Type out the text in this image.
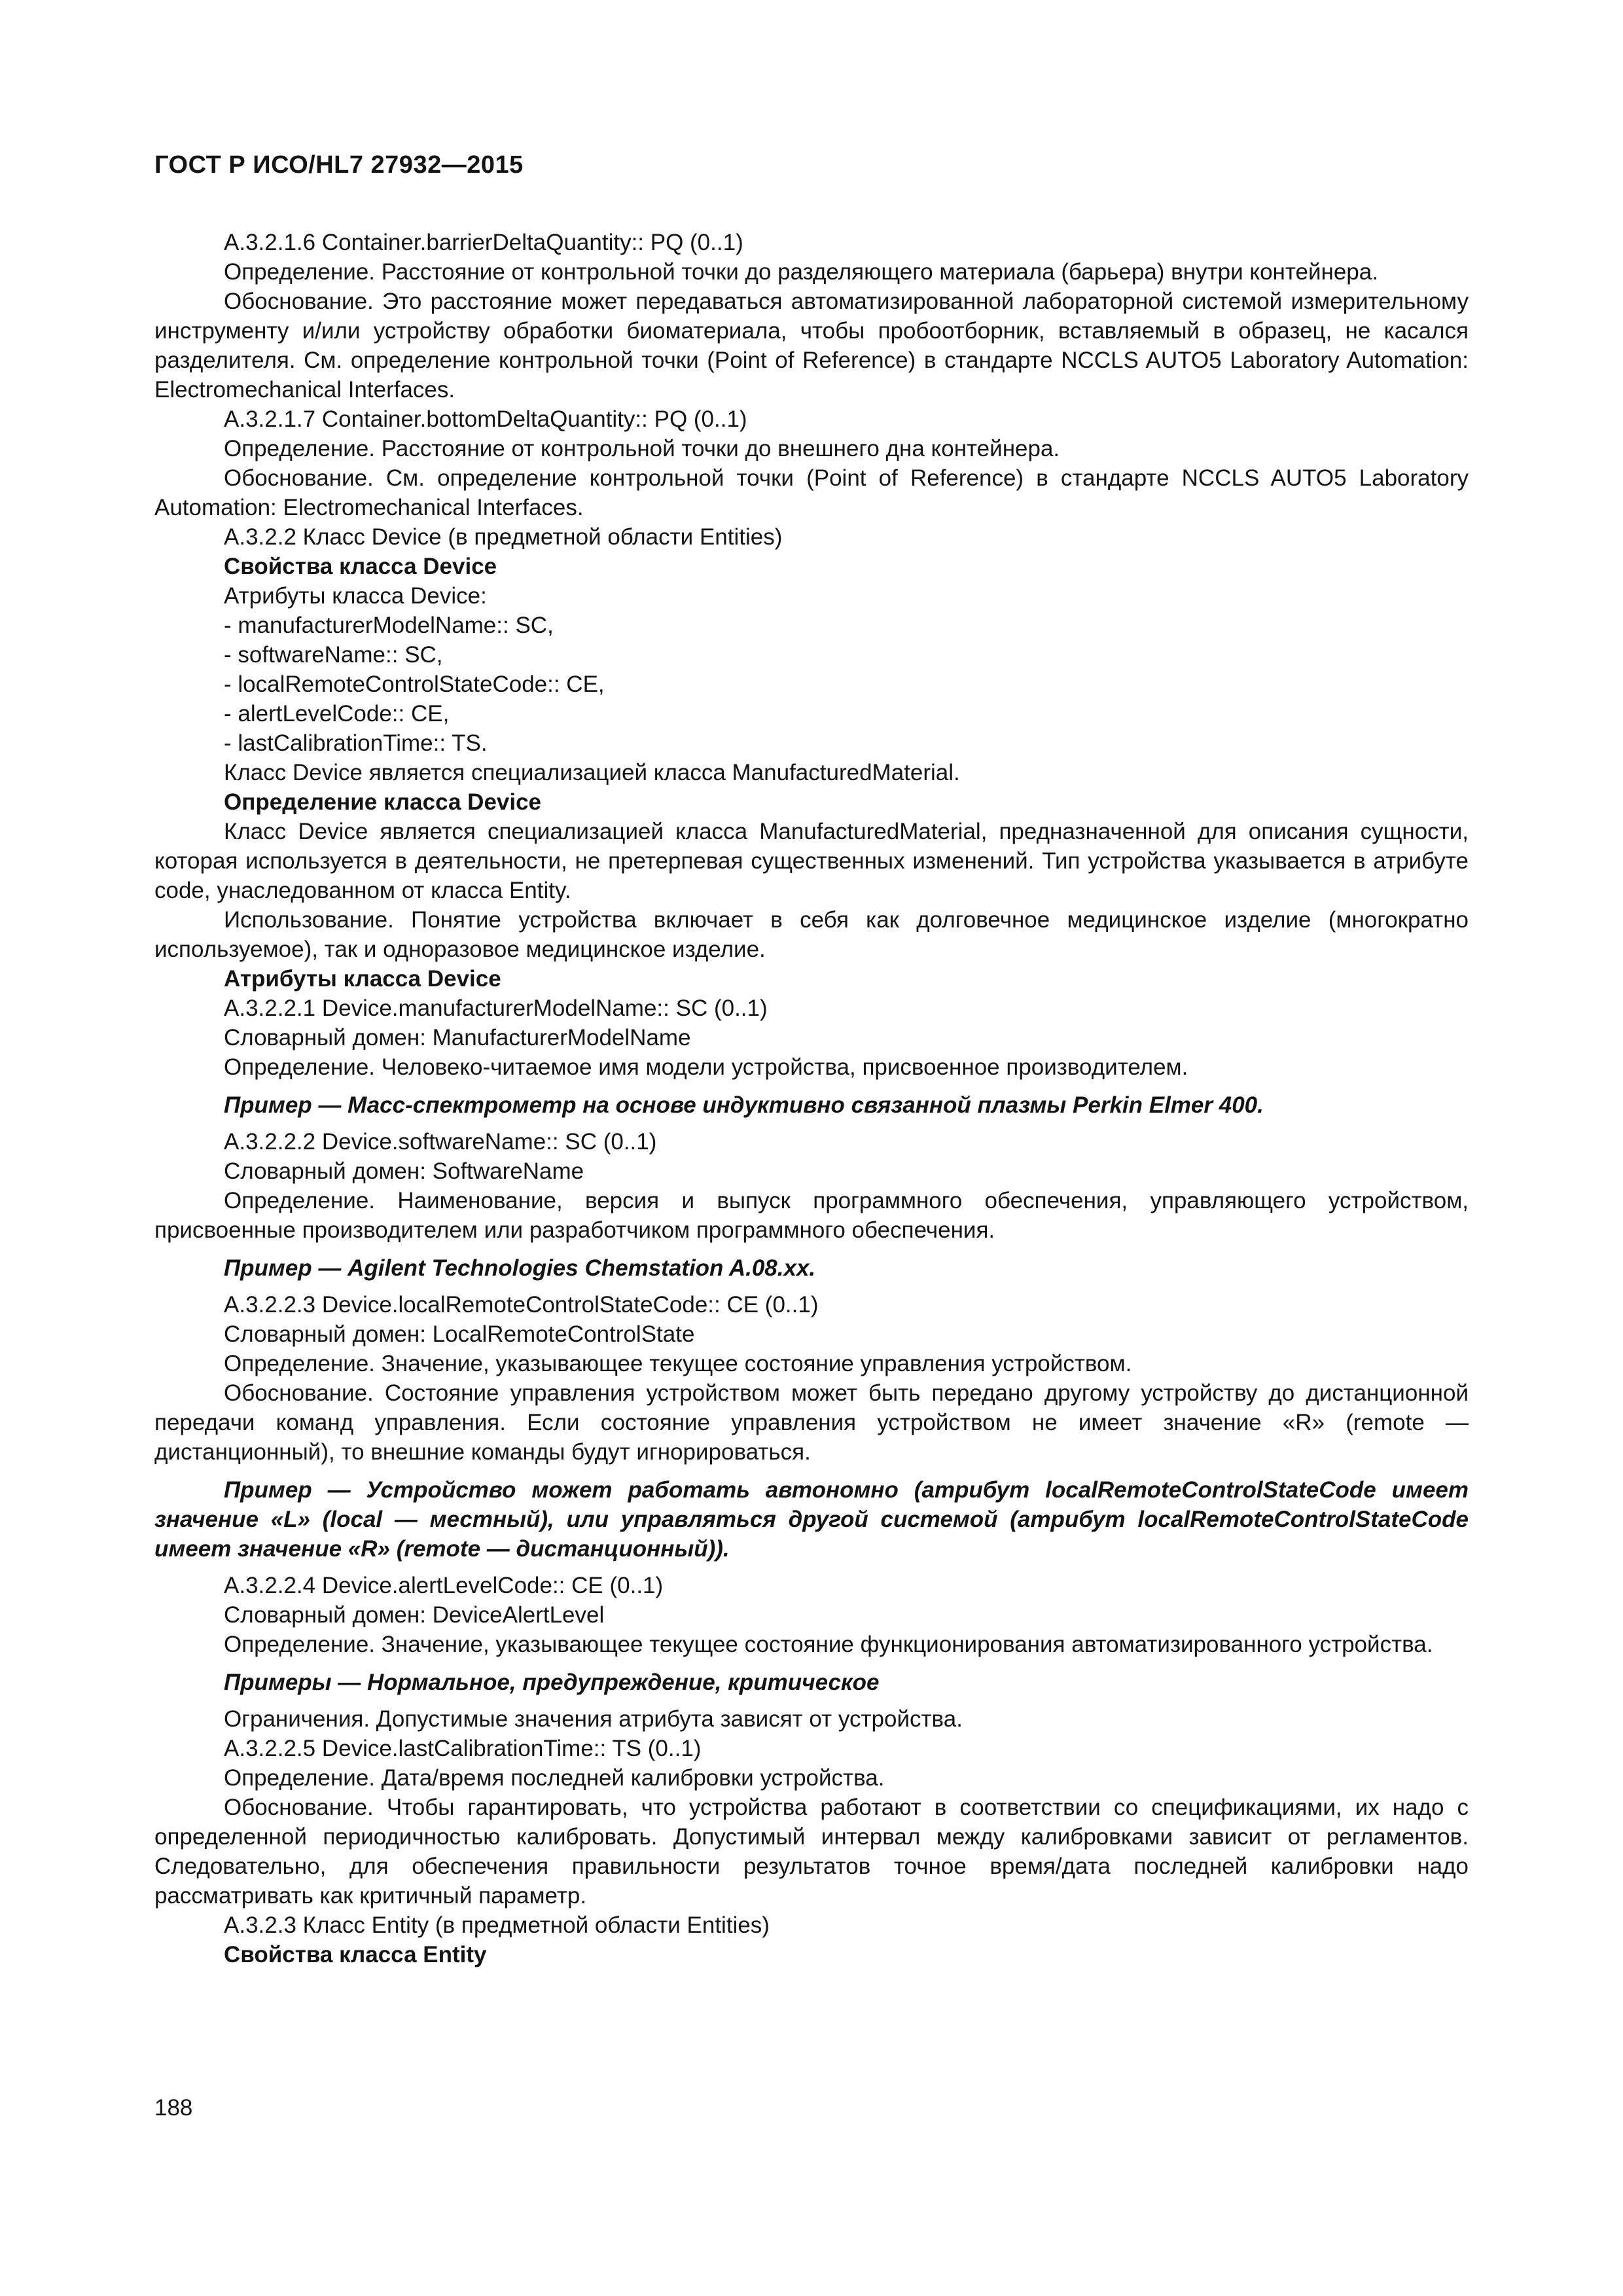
ГОСТ Р ИСО/HL7 27932—2015

A.3.2.1.6 Container.barrierDeltaQuantity:: PQ (0..1)

Определение. Расстояние от контрольной точки до разделяющего материала (барьера) внутри контейнера.

Обоснование. Это расстояние может передаваться автоматизированной лабораторной системой измерительному инструменту и/или устройству обработки биоматериала, чтобы пробоотборник, вставляемый в образец, не касался разделителя. См. определение контрольной точки (Point of Reference) в стандарте NCCLS AUTO5 Laboratory Automation: Electromechanical Interfaces.

A.3.2.1.7 Container.bottomDeltaQuantity:: PQ (0..1)

Определение. Расстояние от контрольной точки до внешнего дна контейнера.

Обоснование. См. определение контрольной точки (Point of Reference) в стандарте NCCLS AUTO5 Laboratory Automation: Electromechanical Interfaces.

A.3.2.2 Класс Device (в предметной области Entities)

Свойства класса Device

Атрибуты класса Device:

- manufacturerModelName:: SC,

- softwareName:: SC,

- localRemoteControlStateCode:: CE,

- alertLevelCode:: CE,

- lastCalibrationTime:: TS.

Класс Device является специализацией класса ManufacturedMaterial.

Определение класса Device

Класс Device является специализацией класса ManufacturedMaterial, предназначенной для описания сущности, которая используется в деятельности, не претерпевая существенных изменений. Тип устройства указывается в атрибуте code, унаследованном от класса Entity.

Использование. Понятие устройства включает в себя как долговечное медицинское изделие (многократно используемое), так и одноразовое медицинское изделие.

Атрибуты класса Device

A.3.2.2.1 Device.manufacturerModelName:: SC (0..1)

Словарный домен: ManufacturerModelName

Определение. Человеко-читаемое имя модели устройства, присвоенное производителем.

Пример — Масс-спектрометр на основе индуктивно связанной плазмы Perkin Elmer 400.

A.3.2.2.2 Device.softwareName:: SC (0..1)

Словарный домен: SoftwareName

Определение. Наименование, версия и выпуск программного обеспечения, управляющего устройством, присвоенные производителем или разработчиком программного обеспечения.

Пример — Agilent Technologies Chemstation A.08.xx.

A.3.2.2.3 Device.localRemoteControlStateCode:: CE (0..1)

Словарный домен: LocalRemoteControlState

Определение. Значение, указывающее текущее состояние управления устройством.

Обоснование. Состояние управления устройством может быть передано другому устройству до дистанционной передачи команд управления. Если состояние управления устройством не имеет значение «R» (remote — дистанционный), то внешние команды будут игнорироваться.

Пример — Устройство может работать автономно (атрибут localRemoteControlStateCode имеет значение «L» (local — местный), или управляться другой системой (атрибут localRemoteControlStateCode имеет значение «R» (remote — дистанционный)).

A.3.2.2.4 Device.alertLevelCode:: CE (0..1)

Словарный домен: DeviceAlertLevel

Определение. Значение, указывающее текущее состояние функционирования автоматизированного устройства.

Примеры — Нормальное, предупреждение, критическое

Ограничения. Допустимые значения атрибута зависят от устройства.

A.3.2.2.5 Device.lastCalibrationTime:: TS (0..1)

Определение. Дата/время последней калибровки устройства.

Обоснование. Чтобы гарантировать, что устройства работают в соответствии со спецификациями, их надо с определенной периодичностью калибровать. Допустимый интервал между калибровками зависит от регламентов. Следовательно, для обеспечения правильности результатов точное время/дата последней калибровки надо рассматривать как критичный параметр.

A.3.2.3 Класс Entity (в предметной области Entities)

Свойства класса Entity

188
